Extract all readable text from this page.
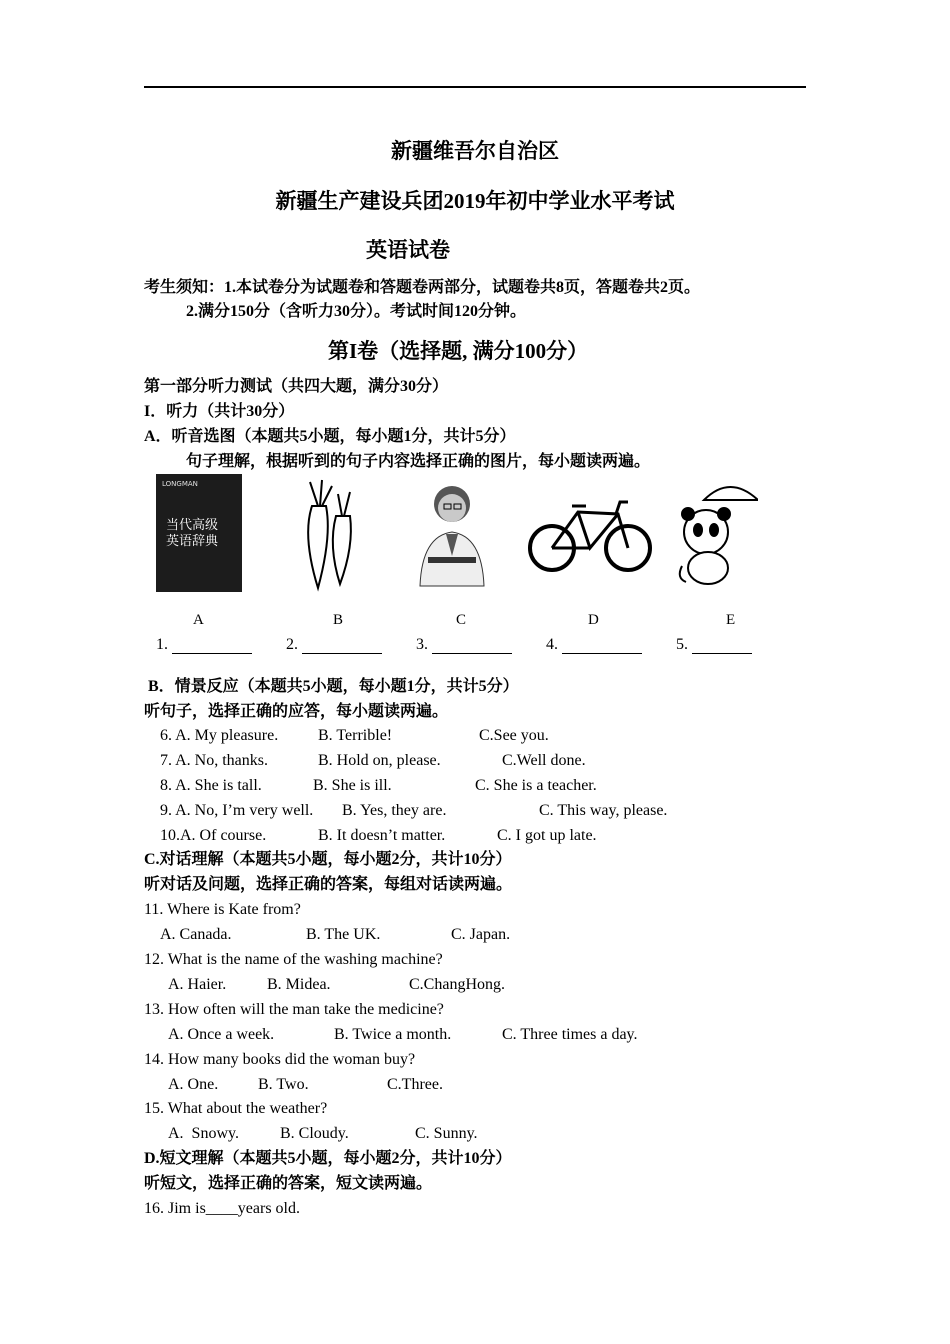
新疆维吾尔自治区
新疆生产建设兵团2019年初中学业水平考试
英语试卷
考生须知：1.本试卷分为试题卷和答题卷两部分，试题卷共8页，答题卷共2页。
2.满分150分（含听力30分）。考试时间120分钟。
第I卷（选择题, 满分100分）
第一部分听力测试（共四大题，满分30分）
I．听力（共计30分）
A．听音选图（本题共5小题，每小题1分，共计5分）
句子理解，根据听到的句子内容选择正确的图片，每小题读两遍。
LONGMAN
当代高级
英语辞典
A	B	C	D	E
1.	2.	3.	4.	5.
B．情景反应（本题共5小题，每小题1分，共计5分）
听句子，选择正确的应答，每小题读两遍。
6. A. My pleasure. B. Terrible!	C.See you.
7. A. No, thanks.	B. Hold on, please.	C.Well done.
8. A. She is tall.	B. She is ill.	C. She is a teacher.
9. A. No, I’m very well. B. Yes, they are.	C. This way, please.
10.A. Of course.	B. It doesn’t matter.	C. I got up late.
C.对话理解（本题共5小题，每小题2分，共计10分）
听对话及问题，选择正确的答案，每组对话读两遍。
11. Where is Kate from?
A. Canada.	B. The UK.	C. Japan.
12. What is the name of the washing machine?
A. Haier.	B. Midea.	C.ChangHong.
13. How often will the man take the medicine?
A. Once a week.	B. Twice a month.	C. Three times a day.
14. How many books did the woman buy?
A. One. B. Two.	C.Three.
15. What about the weather?
A.  Snowy.	B. Cloudy.	C. Sunny.
D.短文理解（本题共5小题，每小题2分，共计10分）
听短文，选择正确的答案，短文读两遍。
16. Jim is____years old.
